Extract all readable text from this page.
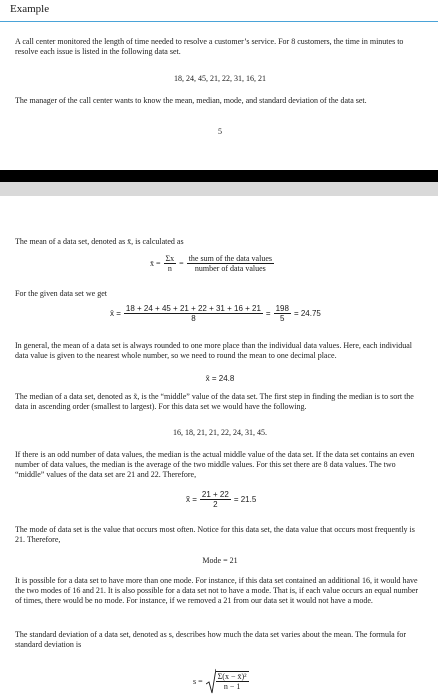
Example

A call center monitored the length of time needed to resolve a customer’s service. For 8 customers, the time in minutes to resolve each issue is listed in the following data set.

18, 24, 45, 21, 22, 31, 16, 21

The manager of the call center wants to know the mean, median, mode, and standard deviation of the data set.

5

The mean of a data set, denoted as x̄, is calculated as

x̄ = $\frac{\Sigma x}{n} = \frac{\text{the sum of the data values}}{\text{number of data values}}$

For the given data set we get

x̄ = $\frac{18 + 24 + 45 + 21 + 22 + 31 + 16 + 21}{8} = \frac{198}{5} = 24.75$

In general, the mean of a data set is always rounded to one more place than the individual data values. Here, each individual data value is given to the nearest whole number, so we need to round the mean to one decimal place.

x̄ = 24.8

The median of a data set, denoted as x̃, is the “middle” value of the data set. The first step in finding the median is to sort the data in ascending order (smallest to largest). For this data set we would have the following.

16, 18, 21, 21, 22, 24, 31, 45.

If there is an odd number of data values, the median is the actual middle value of the data set. If the data set contains an even number of data values, the median is the average of the two middle values. For this set there are 8 data values. The two “middle” values of the data set are 21 and 22. Therefore,

x̃ = $\frac{21 + 22}{2} = 21.5$

The mode of data set is the value that occurs most often. Notice for this data set, the data value that occurs most frequently is 21. Therefore,

Mode = 21

It is possible for a data set to have more than one mode. For instance, if this data set contained an additional 16, it would have the two modes of 16 and 21. It is also possible for a data set not to have a mode. That is, if each value occurs an equal number of times, there would be no mode. For instance, if we removed a 21 from our data set it would not have a mode.

The standard deviation of a data set, denoted as s, describes how much the data set varies about the mean. The formula for standard deviation is

$s = \frac{\text{Σ(x − x̄)²}}{n - 1}$
